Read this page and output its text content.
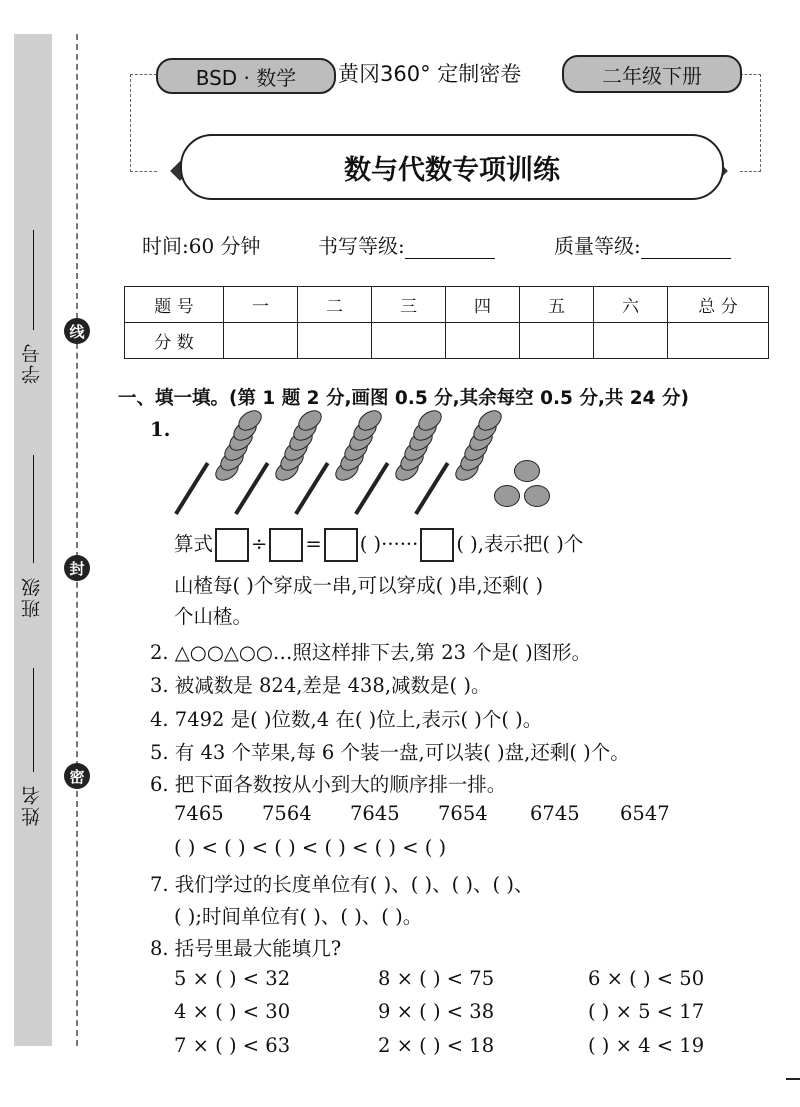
线
封
密
学号
班级
姓名
BSD · 数学	黄冈360° 定制密卷	二年级下册
数与代数专项训练
时间:60 分钟	书写等级:	质量等级:
题 号	一	二	三	四	五	六	总 分
分 数							
一、填一填。(第 1 题 2 分,画图 0.5 分,其余每空 0.5 分,共 24 分)
1.
算式 ÷ = ( )······ ( ),表示把( )个
山楂每( )个穿成一串,可以穿成( )串,还剩( )
个山楂。
2. △○○△○○…照这样排下去,第 23 个是( )图形。
3. 被减数是 824,差是 438,减数是( )。
4. 7492 是( )位数,4 在( )位上,表示( )个( )。
5. 有 43 个苹果,每 6 个装一盘,可以装( )盘,还剩( )个。
6. 把下面各数按从小到大的顺序排一排。
7465 7564 7645 7654 6745 6547
( ) < ( ) < ( ) < ( ) < ( ) < ( )
7. 我们学过的长度单位有( )、( )、( )、( )、
( );时间单位有( )、( )、( )。
8. 括号里最大能填几?
5 × ( ) < 32	8 × ( ) < 75	6 × ( ) < 50
4 × ( ) < 30	9 × ( ) < 38	( ) × 5 < 17
7 × ( ) < 63	2 × ( ) < 18	( ) × 4 < 19
